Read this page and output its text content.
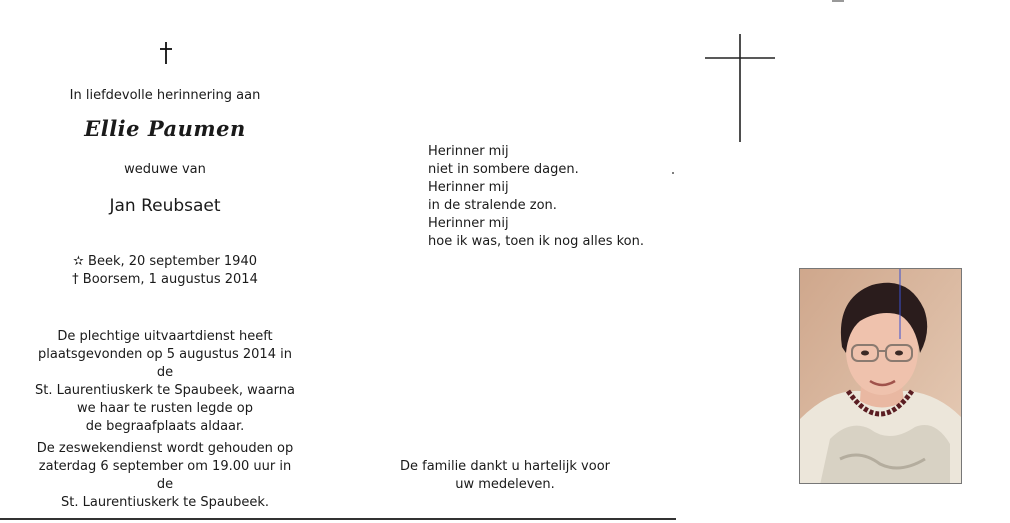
In liefdevolle herinnering aan
Ellie Paumen
weduwe van
Jan Reubsaet
✫ Beek, 20 september 1940
† Boorsem, 1 augustus 2014
De plechtige uitvaartdienst heeft
plaatsgevonden op 5 augustus 2014 in de
St. Laurentiuskerk te Spaubeek, waarna
we haar te rusten legde op
de begraafplaats aldaar.
De zeswekendienst wordt gehouden op
zaterdag 6 september om 19.00 uur in de
St. Laurentiuskerk te Spaubeek.
Herinner mij
niet in sombere dagen.
Herinner mij
in de stralende zon.
Herinner mij
hoe ik was, toen ik nog alles kon.
De familie dankt u hartelijk voor
uw medeleven.
